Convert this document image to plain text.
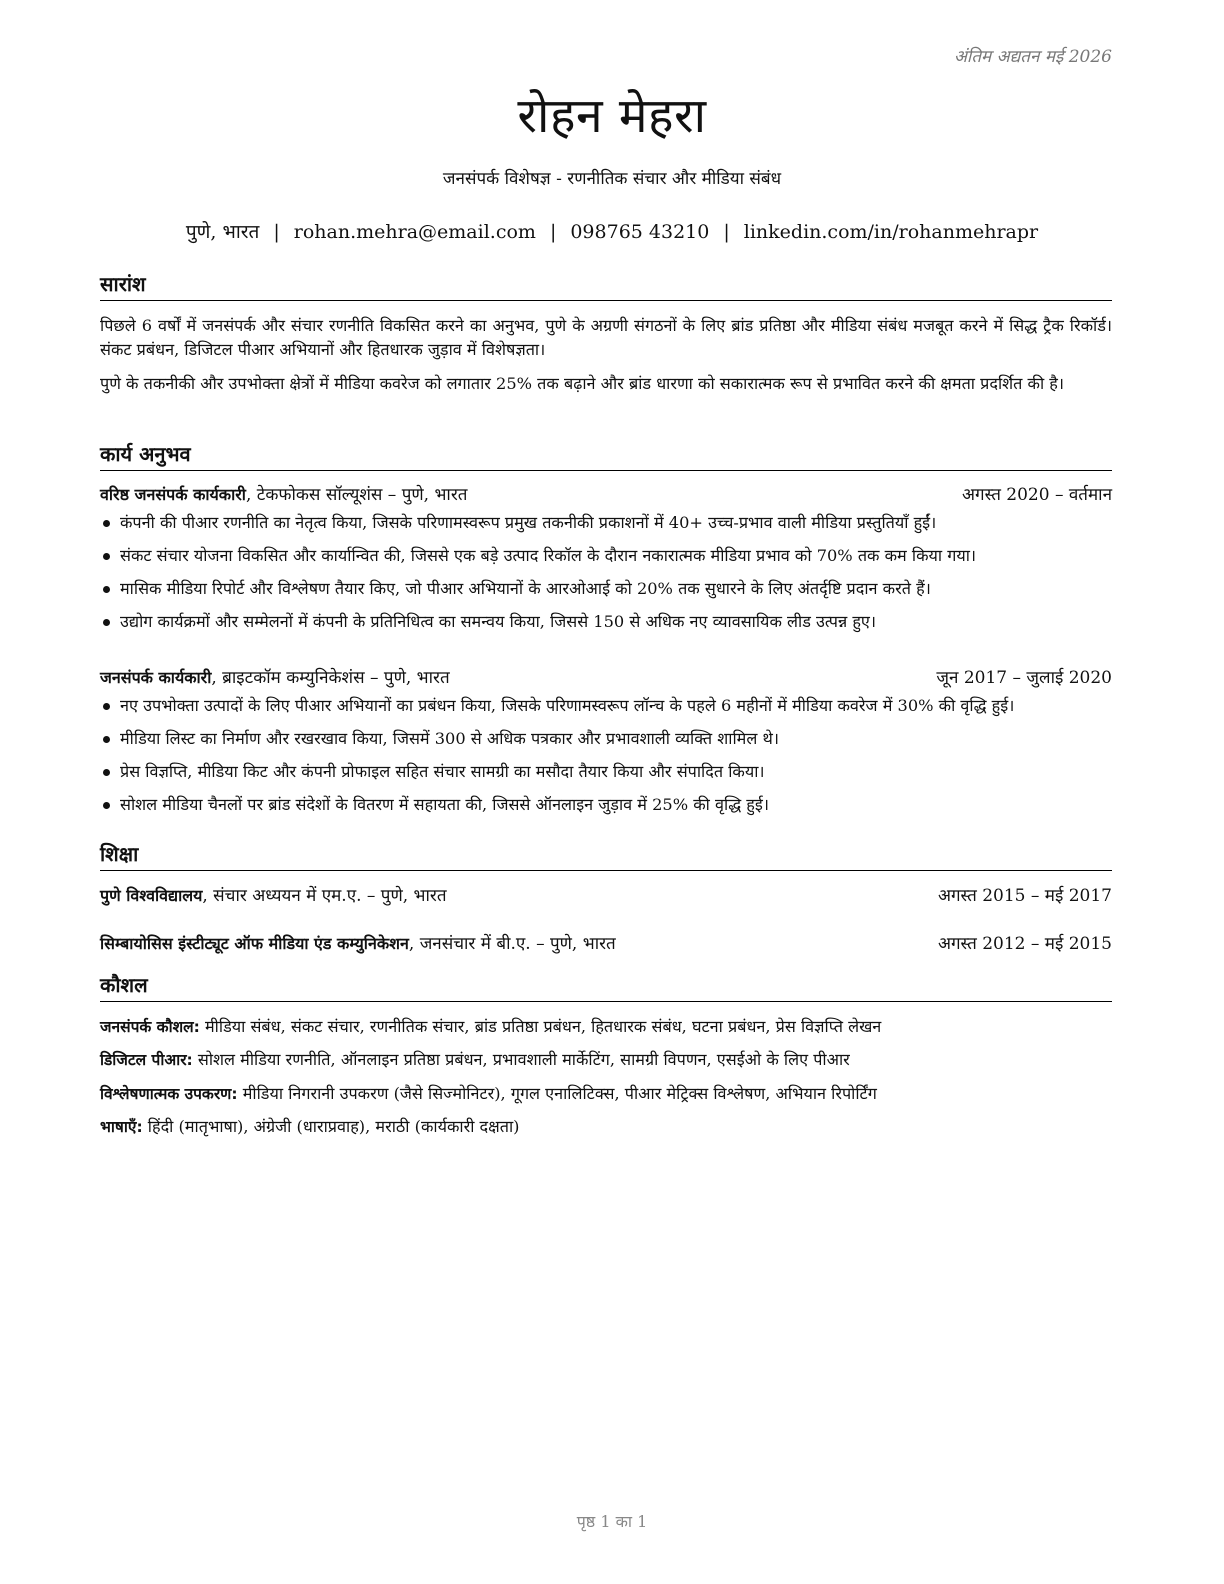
अंतिम अद्यतन मई 2026
रोहन मेहरा
जनसंपर्क विशेषज्ञ - रणनीतिक संचार और मीडिया संबंध
पुणे, भारत | rohan.mehra@email.com | 098765 43210 | linkedin.com/in/rohanmehrapr
सारांश
पिछले 6 वर्षों में जनसंपर्क और संचार रणनीति विकसित करने का अनुभव, पुणे के अग्रणी संगठनों के लिए ब्रांड प्रतिष्ठा और मीडिया संबंध मजबूत करने में सिद्ध ट्रैक रिकॉर्ड। संकट प्रबंधन, डिजिटल पीआर अभियानों और हितधारक जुड़ाव में विशेषज्ञता।
पुणे के तकनीकी और उपभोक्ता क्षेत्रों में मीडिया कवरेज को लगातार 25% तक बढ़ाने और ब्रांड धारणा को सकारात्मक रूप से प्रभावित करने की क्षमता प्रदर्शित की है।
कार्य अनुभव
वरिष्ठ जनसंपर्क कार्यकारी, टेकफोकस सॉल्यूशंस – पुणे, भारत	अगस्त 2020 – वर्तमान
कंपनी की पीआर रणनीति का नेतृत्व किया, जिसके परिणामस्वरूप प्रमुख तकनीकी प्रकाशनों में 40+ उच्च-प्रभाव वाली मीडिया प्रस्तुतियाँ हुईं।
संकट संचार योजना विकसित और कार्यान्वित की, जिससे एक बड़े उत्पाद रिकॉल के दौरान नकारात्मक मीडिया प्रभाव को 70% तक कम किया गया।
मासिक मीडिया रिपोर्ट और विश्लेषण तैयार किए, जो पीआर अभियानों के आरओआई को 20% तक सुधारने के लिए अंतर्दृष्टि प्रदान करते हैं।
उद्योग कार्यक्रमों और सम्मेलनों में कंपनी के प्रतिनिधित्व का समन्वय किया, जिससे 150 से अधिक नए व्यावसायिक लीड उत्पन्न हुए।
जनसंपर्क कार्यकारी, ब्राइटकॉम कम्युनिकेशंस – पुणे, भारत	जून 2017 – जुलाई 2020
नए उपभोक्ता उत्पादों के लिए पीआर अभियानों का प्रबंधन किया, जिसके परिणामस्वरूप लॉन्च के पहले 6 महीनों में मीडिया कवरेज में 30% की वृद्धि हुई।
मीडिया लिस्ट का निर्माण और रखरखाव किया, जिसमें 300 से अधिक पत्रकार और प्रभावशाली व्यक्ति शामिल थे।
प्रेस विज्ञप्ति, मीडिया किट और कंपनी प्रोफाइल सहित संचार सामग्री का मसौदा तैयार किया और संपादित किया।
सोशल मीडिया चैनलों पर ब्रांड संदेशों के वितरण में सहायता की, जिससे ऑनलाइन जुड़ाव में 25% की वृद्धि हुई।
शिक्षा
पुणे विश्वविद्यालय, संचार अध्ययन में एम.ए. – पुणे, भारत	अगस्त 2015 – मई 2017
सिम्बायोसिस इंस्टीट्यूट ऑफ मीडिया एंड कम्युनिकेशन, जनसंचार में बी.ए. – पुणे, भारत	अगस्त 2012 – मई 2015
कौशल
जनसंपर्क कौशल: मीडिया संबंध, संकट संचार, रणनीतिक संचार, ब्रांड प्रतिष्ठा प्रबंधन, हितधारक संबंध, घटना प्रबंधन, प्रेस विज्ञप्ति लेखन
डिजिटल पीआर: सोशल मीडिया रणनीति, ऑनलाइन प्रतिष्ठा प्रबंधन, प्रभावशाली मार्केटिंग, सामग्री विपणन, एसईओ के लिए पीआर
विश्लेषणात्मक उपकरण: मीडिया निगरानी उपकरण (जैसे सिज्मोनिटर), गूगल एनालिटिक्स, पीआर मेट्रिक्स विश्लेषण, अभियान रिपोर्टिंग
भाषाएँ: हिंदी (मातृभाषा), अंग्रेजी (धाराप्रवाह), मराठी (कार्यकारी दक्षता)
पृष्ठ 1 का 1
